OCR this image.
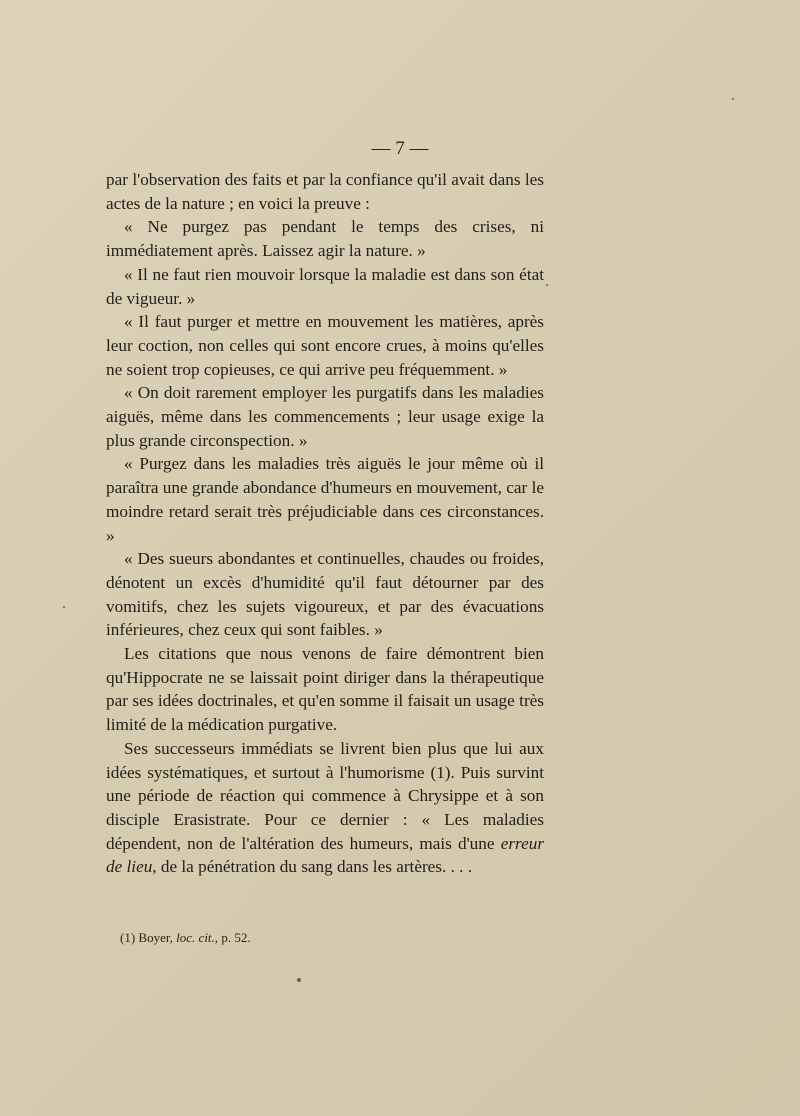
— 7 —

par l'observation des faits et par la confiance qu'il avait dans les actes de la nature ; en voici la preuve :

« Ne purgez pas pendant le temps des crises, ni immédiatement après. Laissez agir la nature. »

« Il ne faut rien mouvoir lorsque la maladie est dans son état de vigueur. »

« Il faut purger et mettre en mouvement les matières, après leur coction, non celles qui sont encore crues, à moins qu'elles ne soient trop copieuses, ce qui arrive peu fréquemment. »

« On doit rarement employer les purgatifs dans les maladies aiguës, même dans les commencements ; leur usage exige la plus grande circonspection. »

« Purgez dans les maladies très aiguës le jour même où il paraîtra une grande abondance d'humeurs en mouvement, car le moindre retard serait très préjudiciable dans ces circonstances. »

« Des sueurs abondantes et continuelles, chaudes ou froides, dénotent un excès d'humidité qu'il faut détourner par des vomitifs, chez les sujets vigoureux, et par des évacuations inférieures, chez ceux qui sont faibles. »

Les citations que nous venons de faire démontrent bien qu'Hippocrate ne se laissait point diriger dans la thérapeutique par ses idées doctrinales, et qu'en somme il faisait un usage très limité de la médication purgative.

Ses successeurs immédiats se livrent bien plus que lui aux idées systématiques, et surtout à l'humorisme (1). Puis survint une période de réaction qui commence à Chrysippe et à son disciple Erasistrate. Pour ce dernier : « Les maladies dépendent, non de l'altération des humeurs, mais d'une erreur de lieu, de la pénétration du sang dans les artères. . . .

(1) Boyer, loc. cit., p. 52.
